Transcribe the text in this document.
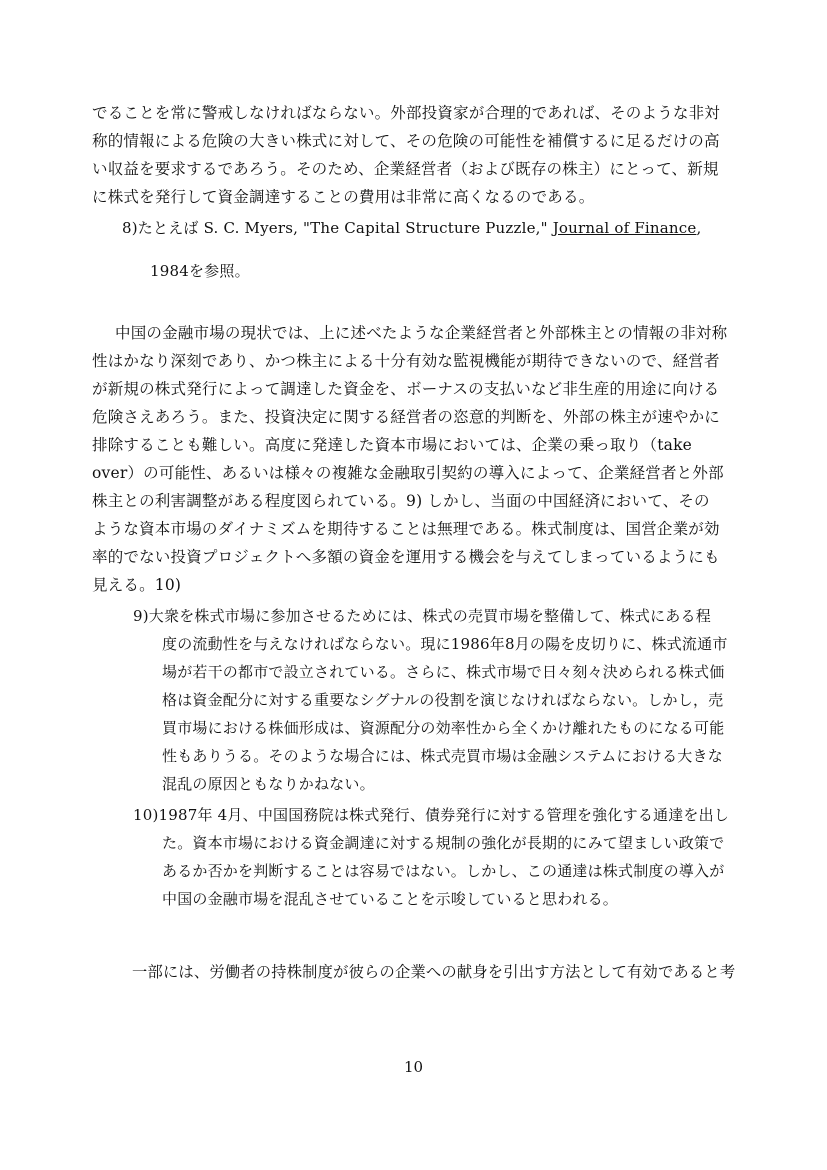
でることを常に警戒しなければならない。外部投資家が合理的であれば、そのような非対
称的情報による危険の大きい株式に対して、その危険の可能性を補償するに足るだけの高
い収益を要求するであろう。そのため、企業経営者（および既存の株主）にとって、新規
に株式を発行して資金調達することの費用は非常に高くなるのである。
8)たとえば S. C. Myers, "The Capital Structure Puzzle," Journal of Finance,
1984を参照。
中国の金融市場の現状では、上に述べたような企業経営者と外部株主との情報の非対称
性はかなり深刻であり、かつ株主による十分有効な監視機能が期待できないので、経営者
が新規の株式発行によって調達した資金を、ボーナスの支払いなど非生産的用途に向ける
危険さえあろう。また、投資決定に関する経営者の恣意的判断を、外部の株主が速やかに
排除することも難しい。高度に発達した資本市場においては、企業の乗っ取り（take
over）の可能性、あるいは様々の複雑な金融取引契約の導入によって、企業経営者と外部
株主との利害調整がある程度図られている。9) しかし、当面の中国経済において、その
ような資本市場のダイナミズムを期待することは無理である。株式制度は、国営企業が効
率的でない投資プロジェクトへ多額の資金を運用する機会を与えてしまっているようにも
見える。10)
9)大衆を株式市場に参加させるためには、株式の売買市場を整備して、株式にある程
度の流動性を与えなければならない。現に1986年8月の陽を皮切りに、株式流通市
場が若干の都市で設立されている。さらに、株式市場で日々刻々決められる株式価
格は資金配分に対する重要なシグナルの役割を演じなければならない。しかし，売
買市場における株価形成は、資源配分の効率性から全くかけ離れたものになる可能
性もありうる。そのような場合には、株式売買市場は金融システムにおける大きな
混乱の原因ともなりかねない。
10)1987年 4月、中国国務院は株式発行、債券発行に対する管理を強化する通達を出し
た。資本市場における資金調達に対する規制の強化が長期的にみて望ましい政策で
あるか否かを判断することは容易ではない。しかし、この通達は株式制度の導入が
中国の金融市場を混乱させていることを示唆していると思われる。
一部には、労働者の持株制度が彼らの企業への献身を引出す方法として有効であると考
10
